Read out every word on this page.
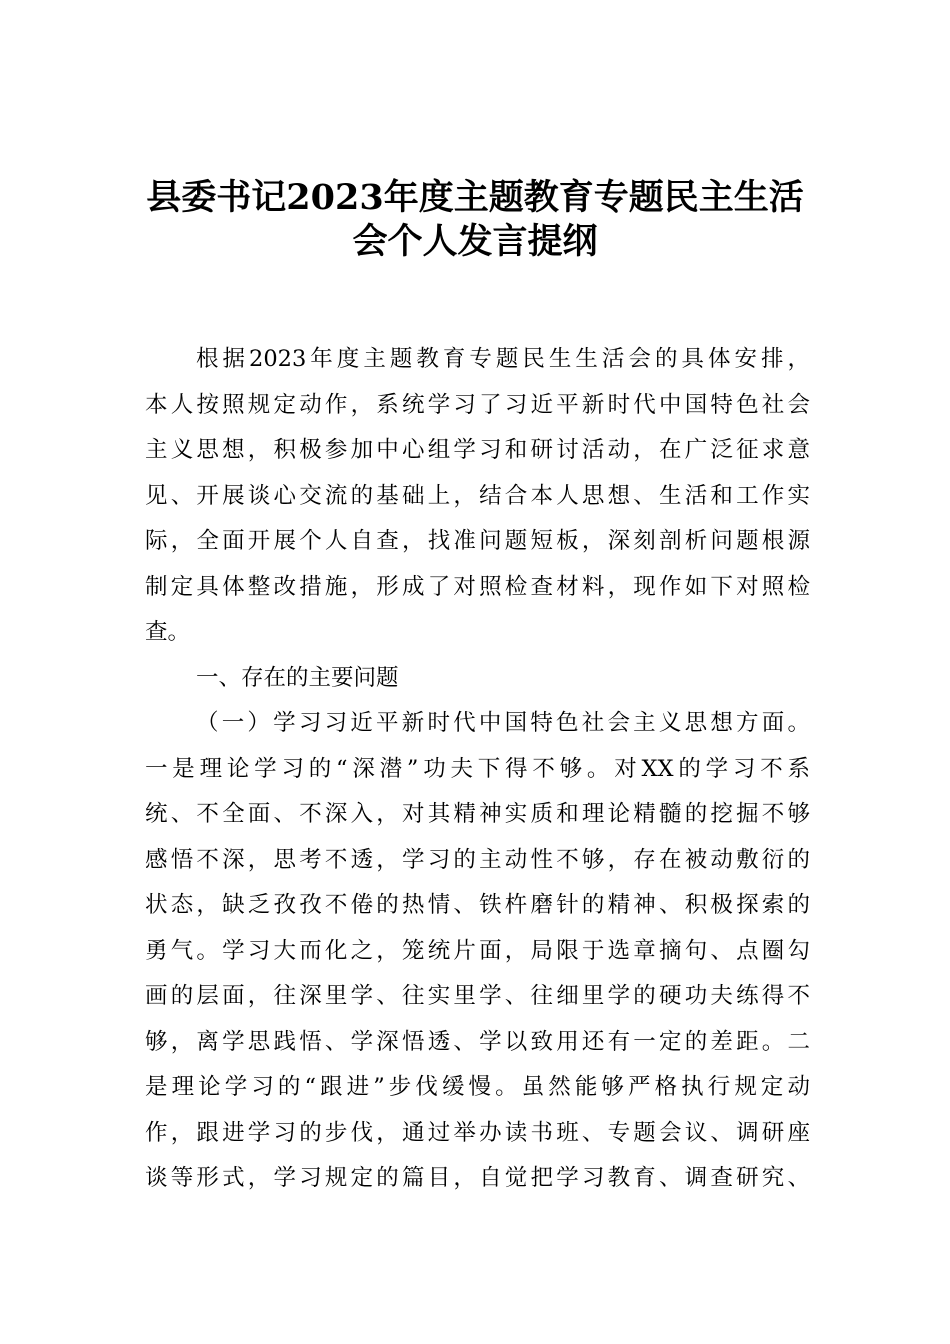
县委书记2023年度主题教育专题民主生活
会个人发言提纲
根据2023年度主题教育专题民生生活会的具体安排，
本人按照规定动作，系统学习了习近平新时代中国特色社会
主义思想，积极参加中心组学习和研讨活动，在广泛征求意
见、开展谈心交流的基础上，结合本人思想、生活和工作实
际，全面开展个人自查，找准问题短板，深刻剖析问题根源
制定具体整改措施，形成了对照检查材料，现作如下对照检
查。
一、存在的主要问题
（一）学习习近平新时代中国特色社会主义思想方面。
一是理论学习的“深潜”功夫下得不够。对XX的学习不系
统、不全面、不深入，对其精神实质和理论精髓的挖掘不够
感悟不深，思考不透，学习的主动性不够，存在被动敷衍的
状态，缺乏孜孜不倦的热情、铁杵磨针的精神、积极探索的
勇气。学习大而化之，笼统片面，局限于选章摘句、点圈勾
画的层面，往深里学、往实里学、往细里学的硬功夫练得不
够，离学思践悟、学深悟透、学以致用还有一定的差距。二
是理论学习的“跟进”步伐缓慢。虽然能够严格执行规定动
作，跟进学习的步伐，通过举办读书班、专题会议、调研座
谈等形式，学习规定的篇目，自觉把学习教育、调查研究、
